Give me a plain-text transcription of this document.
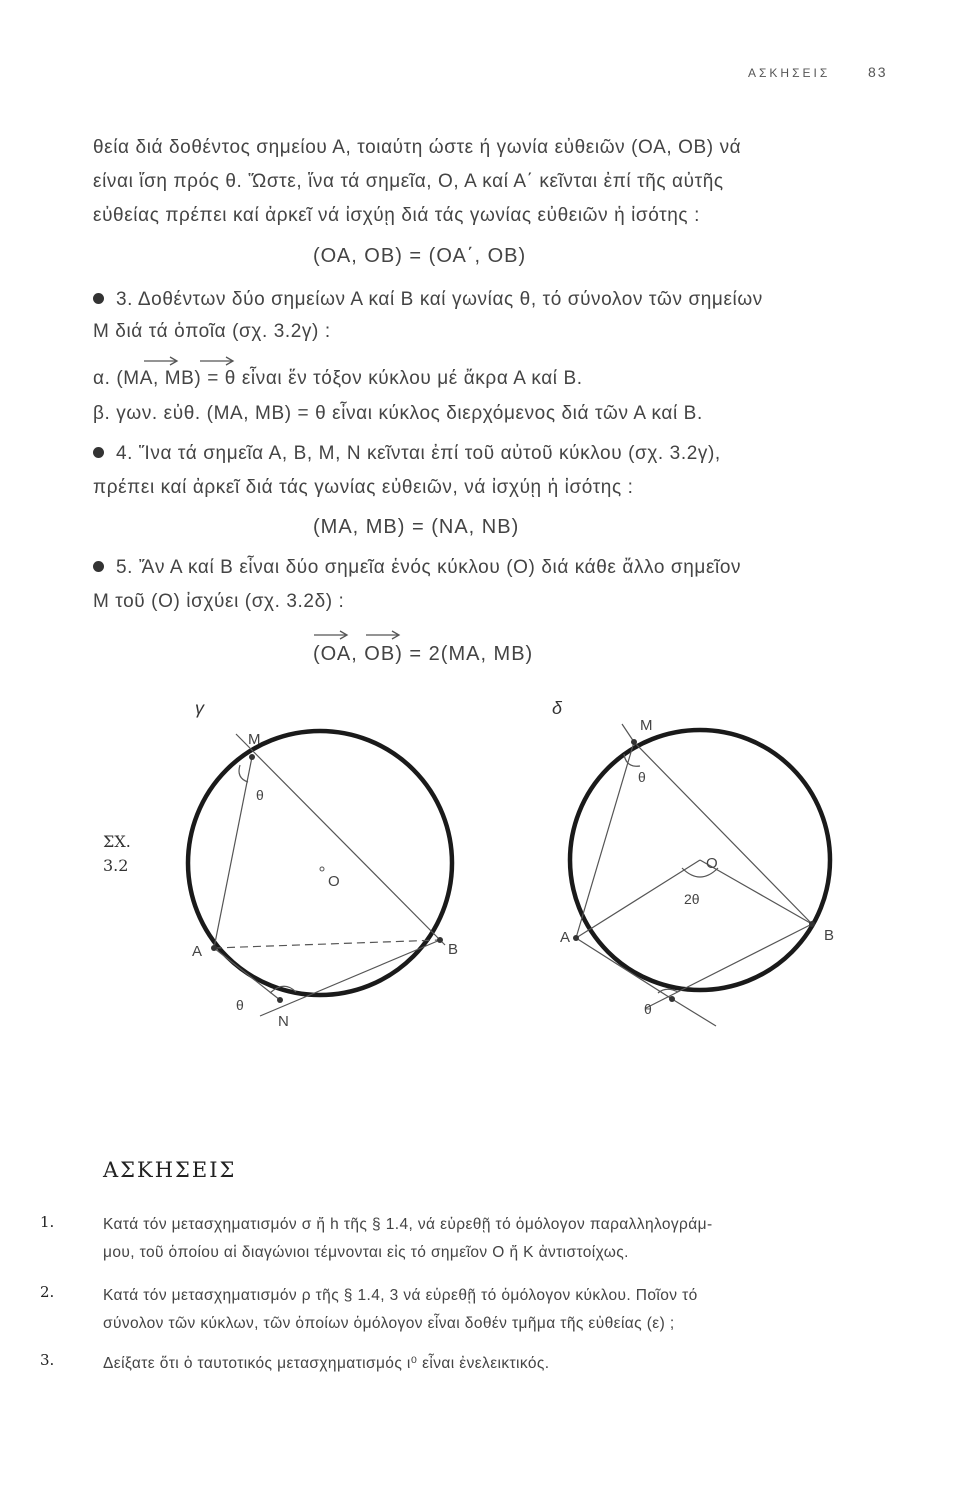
ΑΣΚΗΣΕΙΣ	83
θεία διά δοθέντος σημείου Α, τοιαύτη ώστε ή γωνία εὐθειῶν (ΟΑ, ΟΒ) νά
είναι ἴση πρός θ. Ὥστε, ἵνα τά σημεῖα, Ο, Α καί Α΄ κεῖνται ἐπί τῆς αὐτῆς
εὐθείας πρέπει καί ἀρκεῖ νά ἰσχύῃ διά τάς γωνίας εὐθειῶν ἡ ἰσότης :
(ΟΑ, ΟΒ) = (ΟΑ΄, ΟΒ)
3. Δοθέντων δύο σημείων Α καί Β καί γωνίας θ, τό σύνολον τῶν σημείων
Μ διά τά ὁποῖα (σχ. 3.2γ) :
α. (ΜΑ, ΜΒ) = θ εἶναι ἕν τόξον κύκλου μέ ἄκρα Α καί Β.
β. γων. εὐθ. (ΜΑ, ΜΒ) = θ εἶναι κύκλος διερχόμενος διά τῶν Α καί Β.
4. Ἵνα τά σημεῖα Α, Β, Μ, Ν κεῖνται ἐπί τοῦ αὐτοῦ κύκλου (σχ. 3.2γ),
πρέπει καί ἀρκεῖ διά τάς γωνίας εὐθειῶν, νά ἰσχύῃ ἡ ἰσότης :
(ΜΑ, ΜΒ) = (ΝΑ, ΝΒ)
5. Ἄν Α καί Β εἶναι δύο σημεῖα ἑνός κύκλου (Ο) διά κάθε ἄλλο σημεῖον
Μ τοῦ (Ο) ἰσχύει (σχ. 3.2δ) :
(ΟΑ, ΟΒ) = 2(ΜΑ, ΜΒ)
ΣΧ.
3.2
γ
M
θ
O
A	B
θ
N
δ
M
θ
O
2θ
A	B
θ
ΑΣΚΗΣΕΙΣ
1.	Κατά τόν μετασχηματισμόν σ ἤ h τῆς § 1.4, νά εὑρεθῇ τό ὁμόλογον παραλληλογράμ-
μου, τοῦ ὁποίου αἱ διαγώνιοι τέμνονται εἰς τό σημεῖον Ο ἤ Κ ἀντιστοίχως.
2.	Κατά τόν μετασχηματισμόν ρ τῆς § 1.4, 3 νά εὑρεθῇ τό ὁμόλογον κύκλου. Ποῖον τό
σύνολον τῶν κύκλων, τῶν ὁποίων ὁμόλογον εἶναι δοθέν τμῆμα τῆς εὐθείας (ε) ;
3.	Δείξατε ὅτι ὁ ταυτοτικός μετασχηματισμός ι⁰ εἶναι ἐνελεικτικός.
